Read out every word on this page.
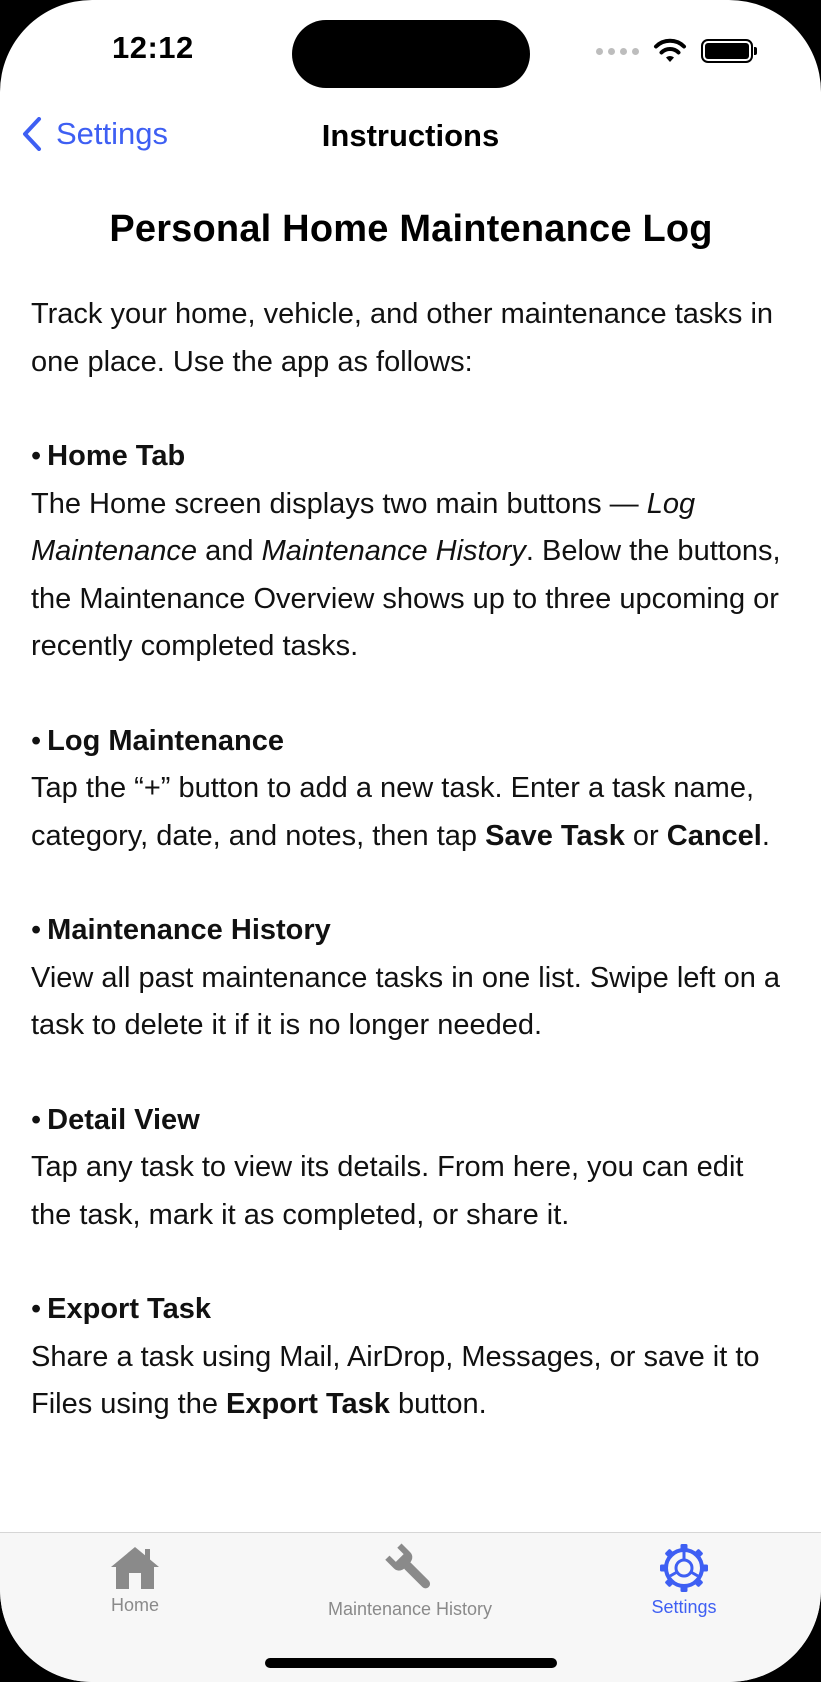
12:12
Settings	Instructions
Personal Home Maintenance Log

Track your home, vehicle, and other maintenance tasks in one place. Use the app as follows:

• Home Tab

The Home screen displays two main buttons — Log Maintenance and Maintenance History. Below the buttons, the Maintenance Overview shows up to three upcoming or recently completed tasks.

• Log Maintenance

Tap the “+” button to add a new task. Enter a task name, category, date, and notes, then tap Save Task or Cancel.

• Maintenance History

View all past maintenance tasks in one list. Swipe left on a task to delete it if it is no longer needed.

• Detail View

Tap any task to view its details. From here, you can edit the task, mark it as completed, or share it.

• Export Task

Share a task using Mail, AirDrop, Messages, or save it to Files using the Export Task button.

Home	Maintenance History	Settings
